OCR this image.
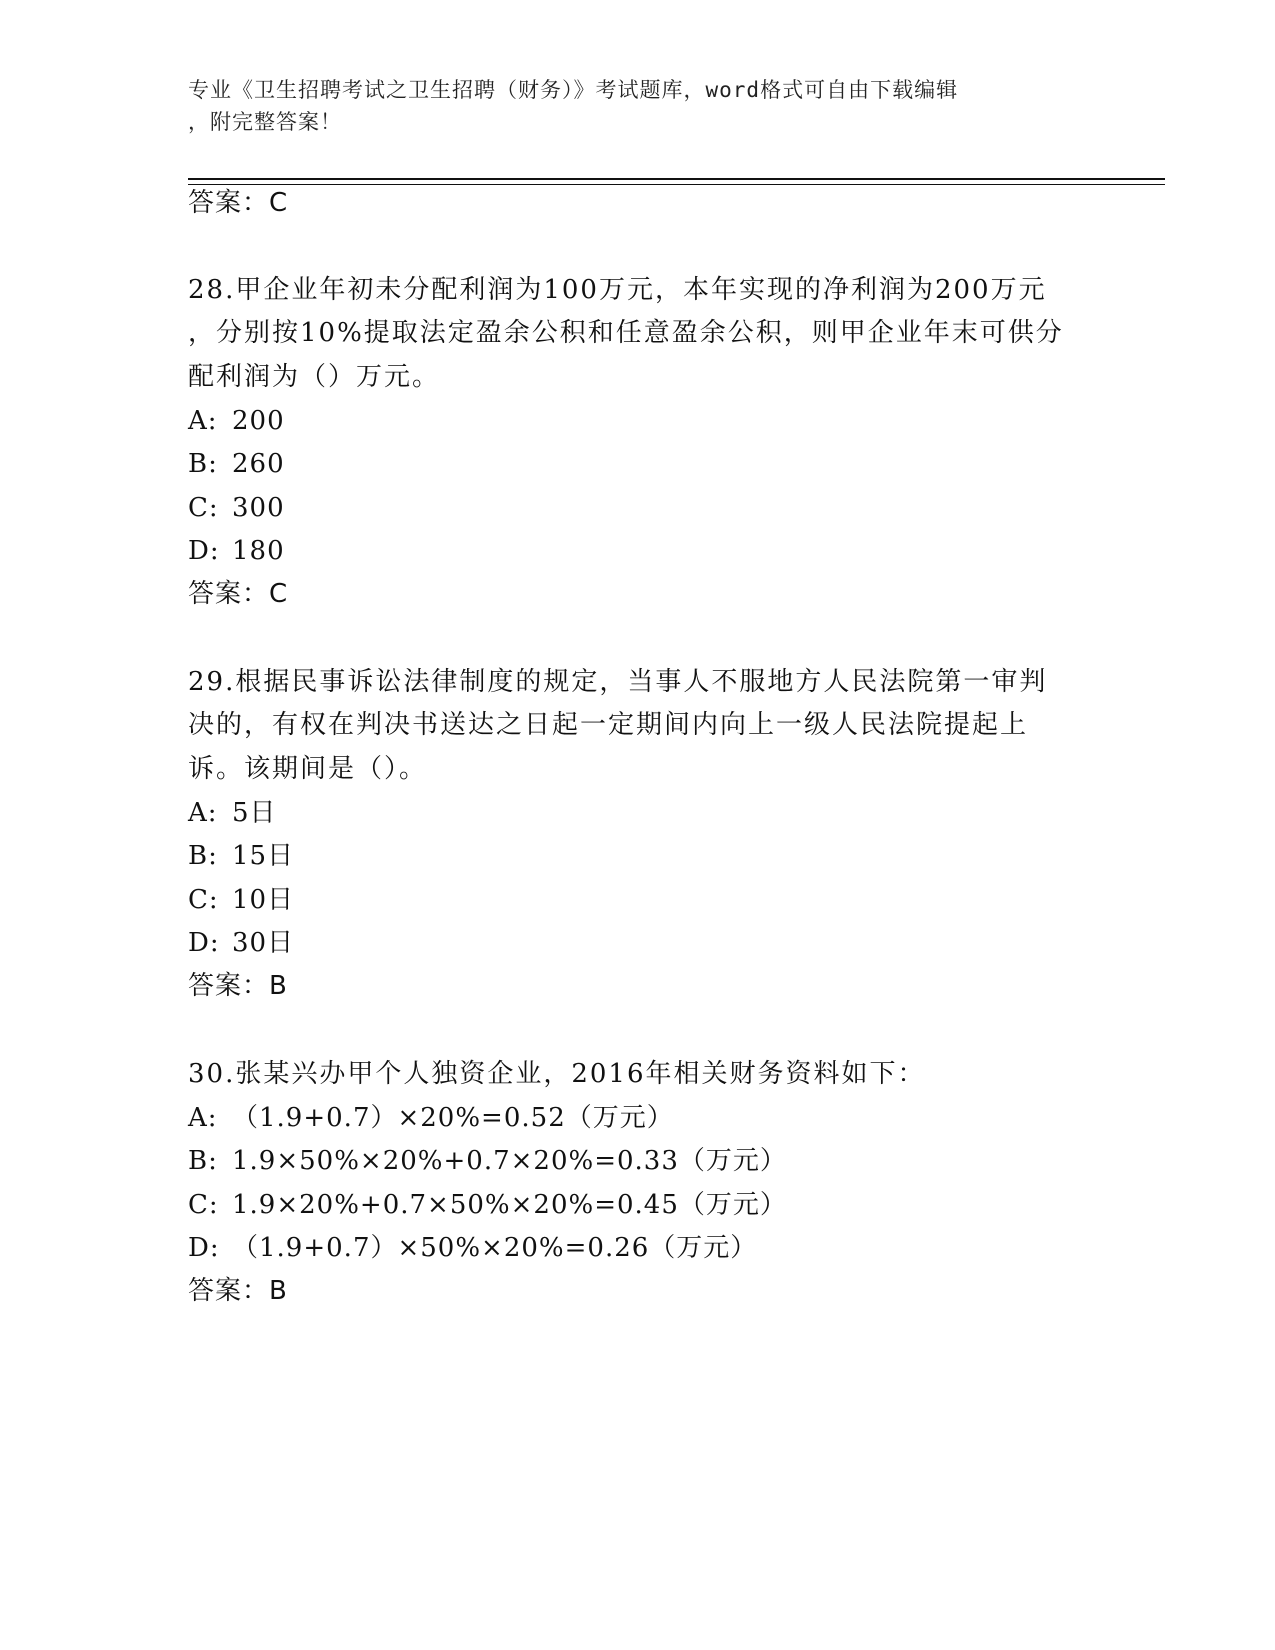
专业《卫生招聘考试之卫生招聘（财务）》考试题库，word格式可自由下载编辑
，附完整答案！
答案：C
28.甲企业年初未分配利润为100万元，本年实现的净利润为200万元
，分别按10%提取法定盈余公积和任意盈余公积，则甲企业年末可供分
配利润为（）万元。
A: 200
B: 260
C: 300
D: 180
答案：C
29.根据民事诉讼法律制度的规定，当事人不服地方人民法院第一审判
决的，有权在判决书送达之日起一定期间内向上一级人民法院提起上
诉。该期间是（）。
A: 5日
B: 15日
C: 10日
D: 30日
答案：B
30.张某兴办甲个人独资企业，2016年相关财务资料如下：
A: （1.9+0.7）×20%=0.52（万元）
B: 1.9×50%×20%+0.7×20%=0.33（万元）
C: 1.9×20%+0.7×50%×20%=0.45（万元）
D: （1.9+0.7）×50%×20%=0.26（万元）
答案：B
